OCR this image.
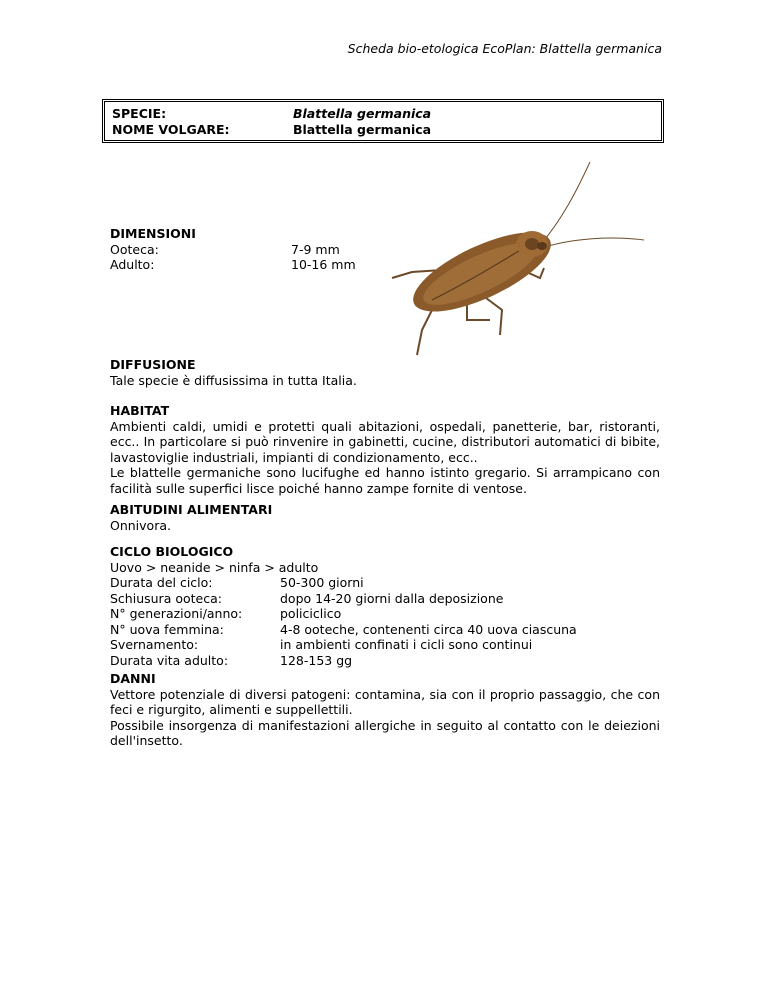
Scheda bio-etologica EcoPlan: Blattella germanica
SPECIE:	Blattella germanica
NOME VOLGARE:	Blattella germanica
DIMENSIONI
Ooteca:	7-9 mm
Adulto:	10-16 mm
DIFFUSIONE

Tale specie è diffusissima in tutta Italia.

HABITAT

Ambienti caldi, umidi e protetti quali abitazioni, ospedali, panetterie, bar, ristoranti, ecc.. In particolare si può rinvenire in gabinetti, cucine, distributori automatici di bibite, lavastoviglie industriali, impianti di condizionamento, ecc..

Le blattelle germaniche sono lucifughe ed hanno istinto gregario. Si arrampicano con facilità sulle superfici lisce poiché hanno zampe fornite di ventose.

ABITUDINI ALIMENTARI

Onnivora.

CICLO BIOLOGICO
Uovo > neanide > ninfa > adulto
Durata del ciclo:	50-300 giorni
Schiusura ooteca:	dopo 14-20 giorni dalla deposizione
N° generazioni/anno:	policiclico
N° uova femmina:	4-8 ooteche, contenenti circa 40 uova ciascuna
Svernamento:	in ambienti confinati i cicli sono continui
Durata vita adulto:	128-153 gg
DANNI

Vettore potenziale di diversi patogeni: contamina, sia con il proprio passaggio, che con feci e rigurgito, alimenti e suppellettili.

Possibile insorgenza di manifestazioni allergiche in seguito al contatto con le deiezioni dell'insetto.
